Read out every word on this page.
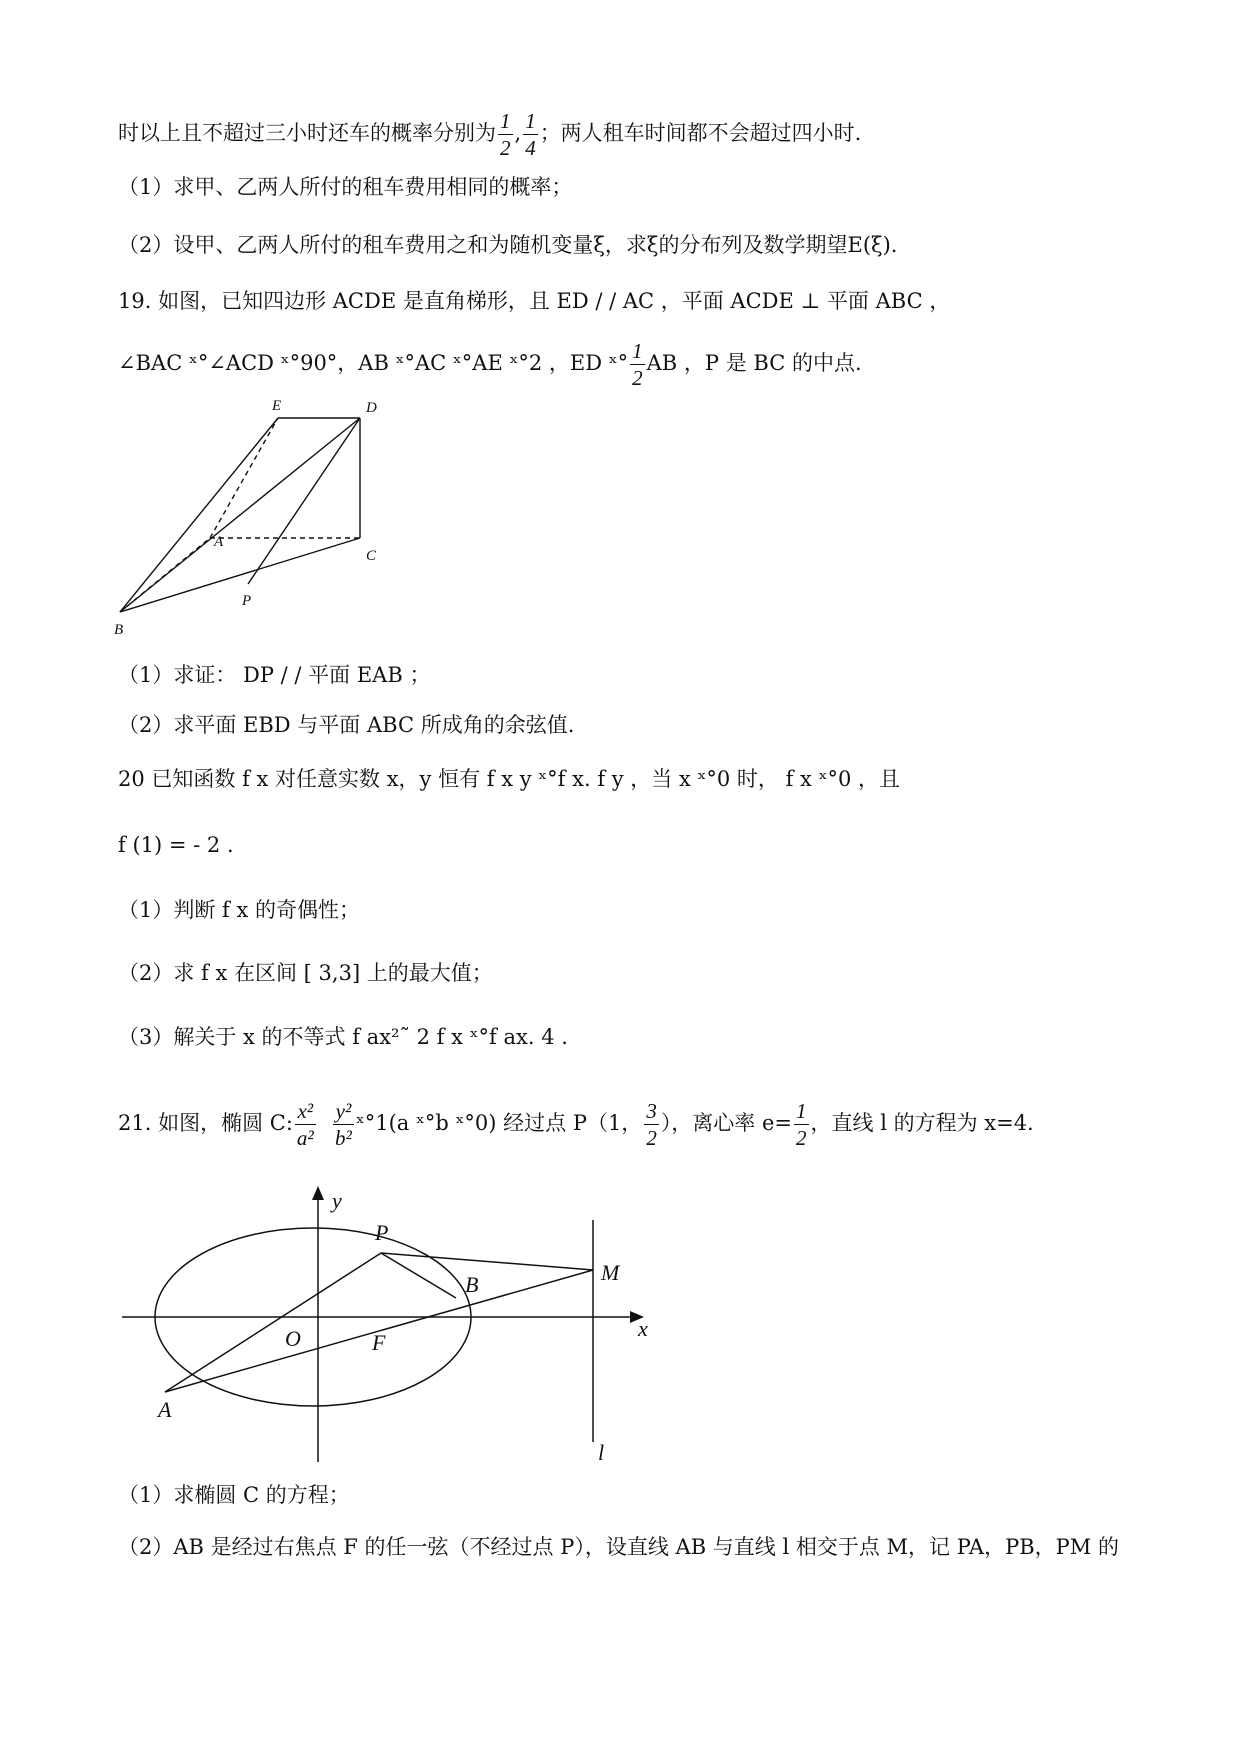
时以上且不超过三小时还车的概率分别为 $\frac{1}{2}$ , $\frac{1}{4}$ ；两人租车时间都不会超过四小时.
（1）求甲、乙两人所付的租车费用相同的概率；
（2）设甲、乙两人所付的租车费用之和为随机变量ξ，求ξ的分布列及数学期望E(ξ).
19. 如图，已知四边形 ACDE 是直角梯形，且 ED / / AC ，平面 ACDE ⊥ 平面 ABC ，
∠BAC ˣ°∠ACD ˣ°90°，AB ˣ°AC ˣ°AE ˣ°2 ，ED ˣ° $\frac{1}{2}$ AB ，P 是 BC 的中点.
E	D
A
C
P
B
（1）求证： DP / / 平面 EAB ；
（2）求平面 EBD 与平面 ABC 所成角的余弦值.
20 已知函数 f x 对任意实数 x，y 恒有 f x y ˣ°f x. f y ，当 x ˣ°0 时， f x ˣ°0 ，且
f (1) = - 2 .
（1）判断 f x 的奇偶性；
（2）求 f x 在区间 [ 3,3] 上的最大值；
（3）解关于 x 的不等式 f ax²˜ 2 f x ˣ°f ax. 4 .
21. 如图，椭圆 C: $\frac{\text{x²}}{\text{a²}}$
$\frac{\text{y²}}{\text{b²}}$ ˣ°1(a ˣ°b ˣ°0) 经过点 P（1， $\frac{3}{2}$ ），离心率 $e= \frac{1}{2}$ ，直线 l 的方程为 x=4.
y
x
O	F
P
B	M
A
l
（1）求椭圆 C 的方程；
（2）AB 是经过右焦点 F 的任一弦（不经过点 P），设直线 AB 与直线 l 相交于点 M，记 PA，PB，PM 的
